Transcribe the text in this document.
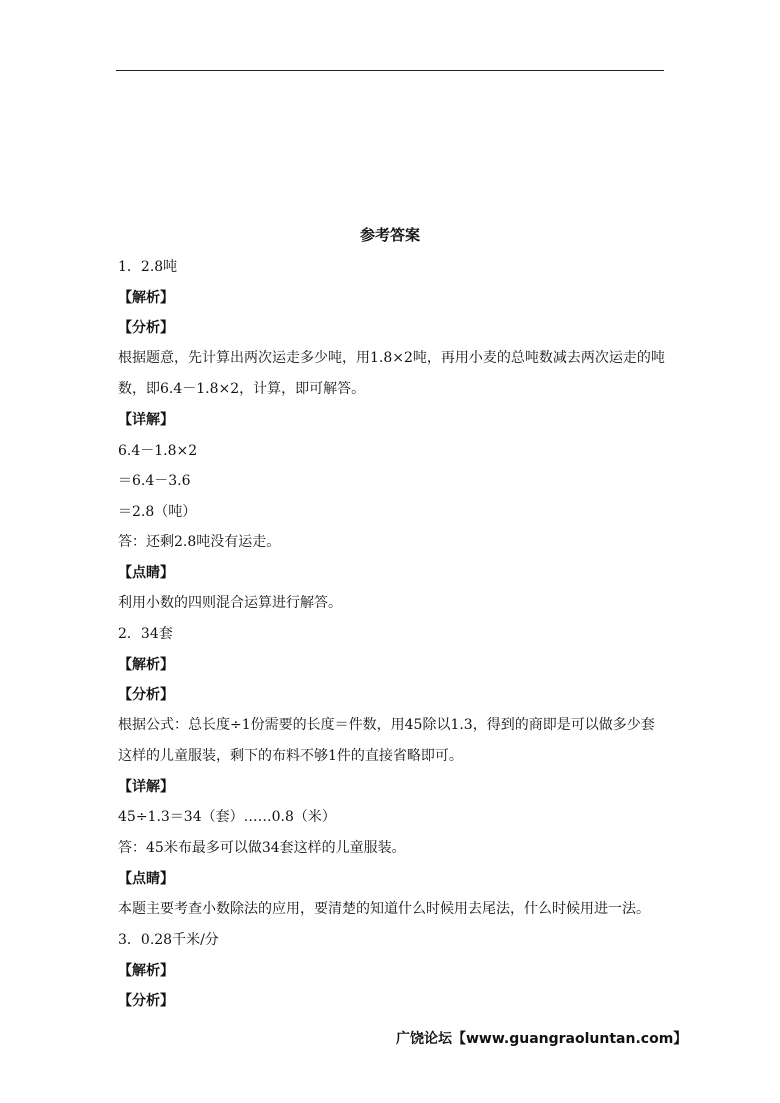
参考答案
1．2.8吨
【解析】
【分析】
根据题意，先计算出两次运走多少吨，用1.8×2吨，再用小麦的总吨数减去两次运走的吨
数，即6.4－1.8×2，计算，即可解答。
【详解】
6.4－1.8×2
＝6.4－3.6
＝2.8（吨）
答：还剩2.8吨没有运走。
【点睛】
利用小数的四则混合运算进行解答。
2．34套
【解析】
【分析】
根据公式：总长度÷1份需要的长度＝件数，用45除以1.3，得到的商即是可以做多少套
这样的儿童服装，剩下的布料不够1件的直接省略即可。
【详解】
45÷1.3＝34（套）……0.8（米）
答：45米布最多可以做34套这样的儿童服装。
【点睛】
本题主要考查小数除法的应用，要清楚的知道什么时候用去尾法，什么时候用进一法。
3．0.28千米/分
【解析】
【分析】
广饶论坛【www.guangraoluntan.com】
